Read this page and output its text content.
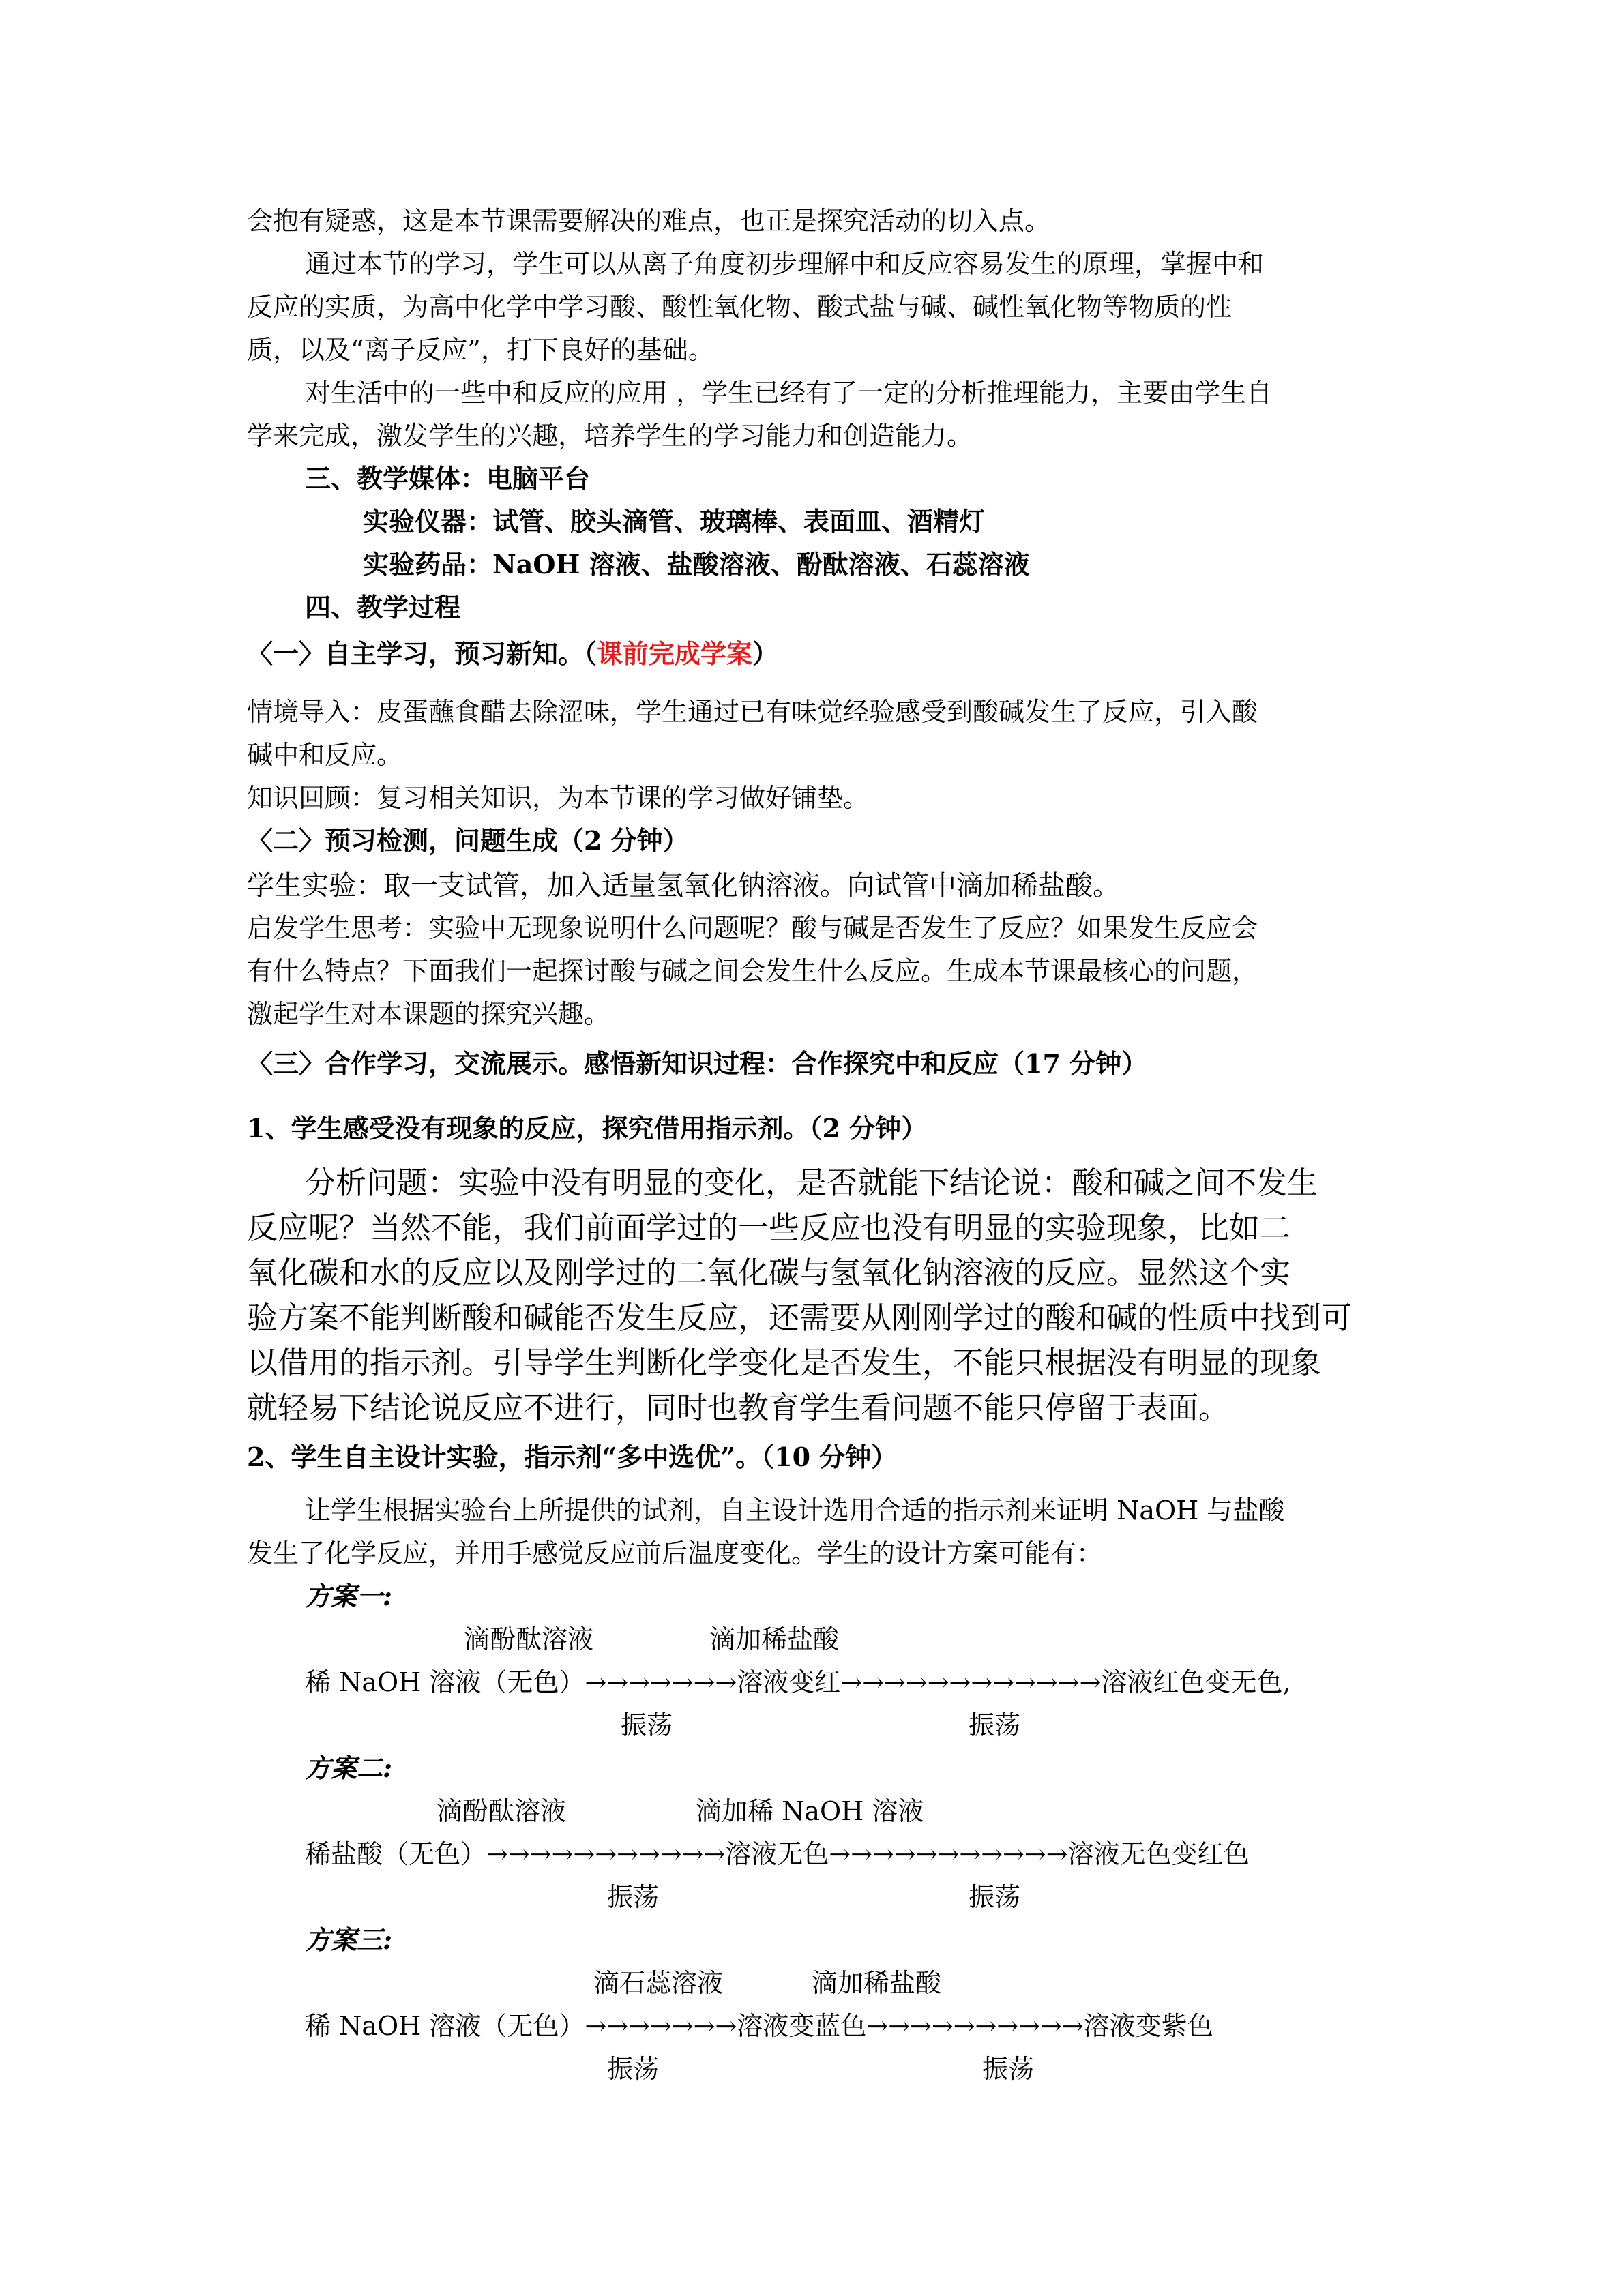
会抱有疑惑，这是本节课需要解决的难点，也正是探究活动的切入点。
通过本节的学习，学生可以从离子角度初步理解中和反应容易发生的原理，掌握中和
反应的实质，为高中化学中学习酸、酸性氧化物、酸式盐与碱、碱性氧化物等物质的性
质，以及“离子反应”，打下良好的基础。
对生活中的一些中和反应的应用 ，学生已经有了一定的分析推理能力，主要由学生自
学来完成，激发学生的兴趣，培养学生的学习能力和创造能力。
三、教学媒体：电脑平台
实验仪器：试管、胶头滴管、玻璃棒、表面皿、酒精灯
实验药品：NaOH 溶液、盐酸溶液、酚酞溶液、石蕊溶液
四、教学过程
〈一〉自主学习，预习新知。（课前完成学案）
情境导入：皮蛋蘸食醋去除涩味，学生通过已有味觉经验感受到酸碱发生了反应，引入酸
碱中和反应。
知识回顾：复习相关知识，为本节课的学习做好铺垫。
〈二〉预习检测，问题生成（2 分钟）
学生实验：取一支试管，加入适量氢氧化钠溶液。向试管中滴加稀盐酸。
启发学生思考：实验中无现象说明什么问题呢？酸与碱是否发生了反应？如果发生反应会
有什么特点？下面我们一起探讨酸与碱之间会发生什么反应。生成本节课最核心的问题，
激起学生对本课题的探究兴趣。
〈三〉合作学习，交流展示。感悟新知识过程：合作探究中和反应（17 分钟）
1、学生感受没有现象的反应，探究借用指示剂。（2 分钟）
分析问题：实验中没有明显的变化，是否就能下结论说：酸和碱之间不发生
反应呢？当然不能，我们前面学过的一些反应也没有明显的实验现象，比如二
氧化碳和水的反应以及刚学过的二氧化碳与氢氧化钠溶液的反应。显然这个实
验方案不能判断酸和碱能否发生反应，还需要从刚刚学过的酸和碱的性质中找到可
以借用的指示剂。引导学生判断化学变化是否发生，不能只根据没有明显的现象
就轻易下结论说反应不进行，同时也教育学生看问题不能只停留于表面。
2、学生自主设计实验，指示剂“多中选优”。（10 分钟）
让学生根据实验台上所提供的试剂，自主设计选用合适的指示剂来证明 NaOH 与盐酸
发生了化学反应，并用手感觉反应前后温度变化。学生的设计方案可能有：
方案一:
滴酚酞溶液	滴加稀盐酸
稀 NaOH 溶液（无色）→→→→→→→溶液变红→→→→→→→→→→→→溶液红色变无色,
振荡	振荡
方案二:
滴酚酞溶液	滴加稀 NaOH 溶液
稀盐酸（无色）→→→→→→→→→→→溶液无色→→→→→→→→→→→溶液无色变红色
振荡	振荡
方案三:
滴石蕊溶液	滴加稀盐酸
稀 NaOH 溶液（无色）→→→→→→→溶液变蓝色→→→→→→→→→→溶液变紫色
振荡	振荡
